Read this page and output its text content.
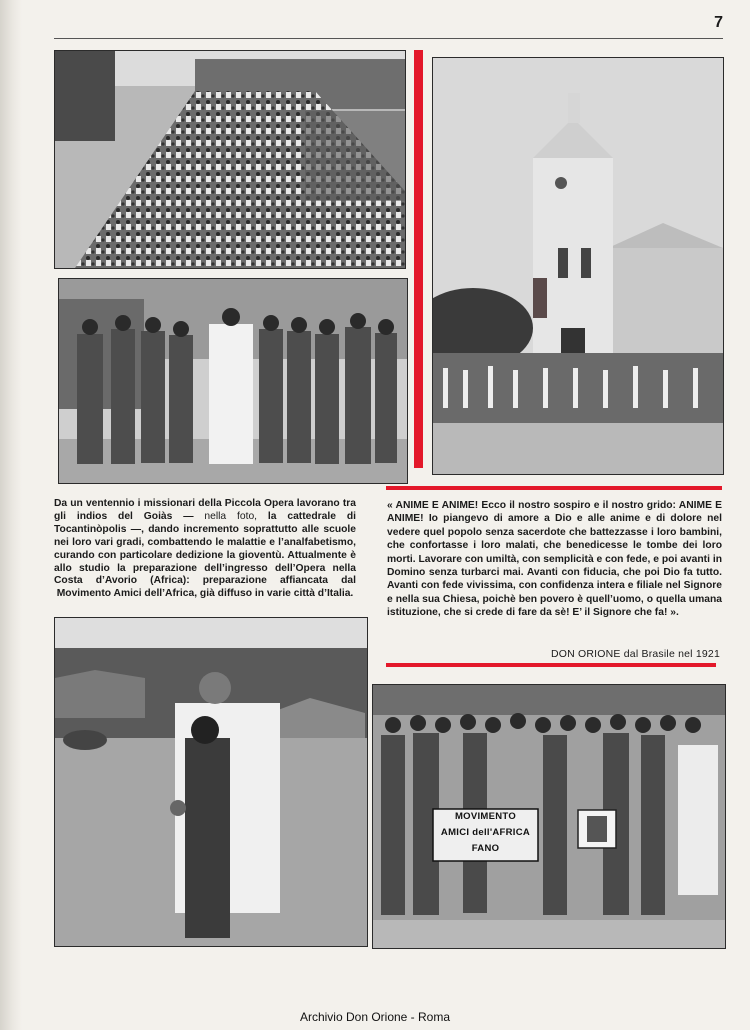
7
Da un ventennio i missionari della Piccola Opera lavorano tra gli indios del Goiàs — nella foto, la cattedrale di Tocantinòpolis —, dando incremento soprattutto alle scuole nei loro vari gradi, combattendo le malattie e l’analfabetismo, curando con particolare dedizione la gioventù. Attualmente è allo studio la preparazione dell’ingresso dell’Opera nella Costa d’Avorio (Africa): preparazione affiancata dal Movimento Amici dell’Africa, già diffuso in varie città d’Italia.
« ANIME E ANIME! Ecco il nostro sospiro e il nostro grido: ANIME E ANIME! Io piangevo di amore a Dio e alle anime e di dolore nel vedere quel popolo senza sacerdote che battezzasse i loro bambini, che confortasse i loro malati, che benedicesse le tombe dei loro morti. Lavorare con umiltà, con semplicità e con fede, e poi avanti in Domino senza turbarci mai. Avanti con fiducia, che poi Dio fa tutto. Avanti con fede vivissima, con confidenza intera e filiale nel Signore e nella sua Chiesa, poichè ben povero è quell’uomo, o quella umana istituzione, che si crede di fare da sè! E’ il Signore che fa! ».
DON ORIONE dal Brasile nel 1921
MOVIMENTO
AMICI dell'AFRICA
FANO
Archivio Don Orione - Roma
